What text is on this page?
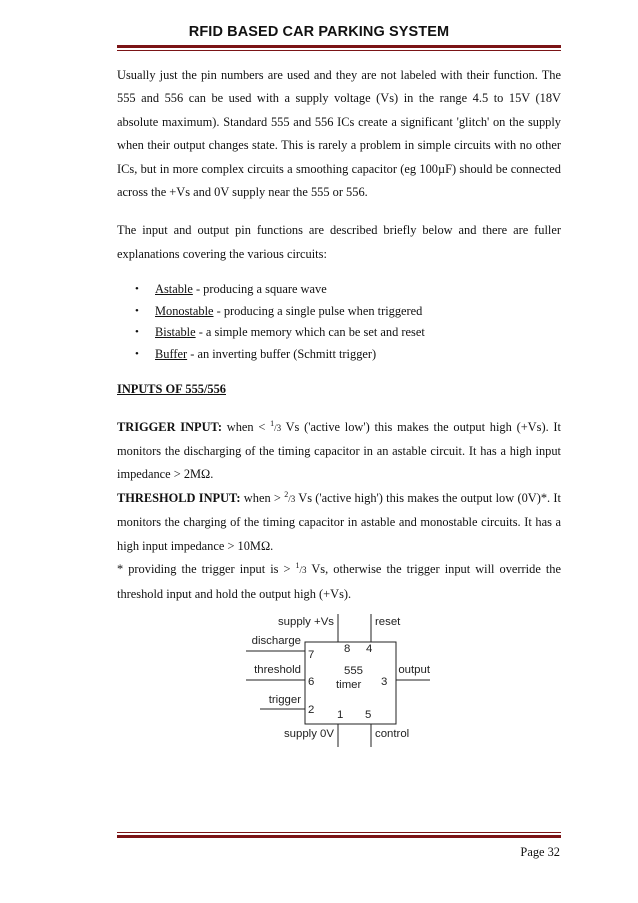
RFID BASED CAR PARKING SYSTEM

Usually just the pin numbers are used and they are not labeled with their function. The 555 and 556 can be used with a supply voltage (Vs) in the range 4.5 to 15V (18V absolute maximum). Standard 555 and 556 ICs create a significant 'glitch' on the supply when their output changes state. This is rarely a problem in simple circuits with no other ICs, but in more complex circuits a smoothing capacitor (eg 100µF) should be connected across the +Vs and 0V supply near the 555 or 556.

The input and output pin functions are described briefly below and there are fuller explanations covering the various circuits:

• Astable - producing a square wave
• Monostable - producing a single pulse when triggered
• Bistable - a simple memory which can be set and reset
• Buffer - an inverting buffer (Schmitt trigger)

INPUTS OF 555/556

TRIGGER INPUT: when < $^1$/3 Vs ('active low') this makes the output high (+Vs). It monitors the discharging of the timing capacitor in an astable circuit. It has a high input impedance > 2MΩ.

THRESHOLD INPUT: when > $^2$/3 Vs ('active high') this makes the output low (0V)*. It monitors the charging of the timing capacitor in astable and monostable circuits. It has a high input impedance > 10MΩ.

* providing the trigger input is > $^1$/3 Vs, otherwise the trigger input will override the threshold input and hold the output high (+Vs).

supply +Vs	reset
discharge
threshold
trigger
output
supply 0V	control
555
timer
8 4
7
6
2
3
1 5
Page 32
